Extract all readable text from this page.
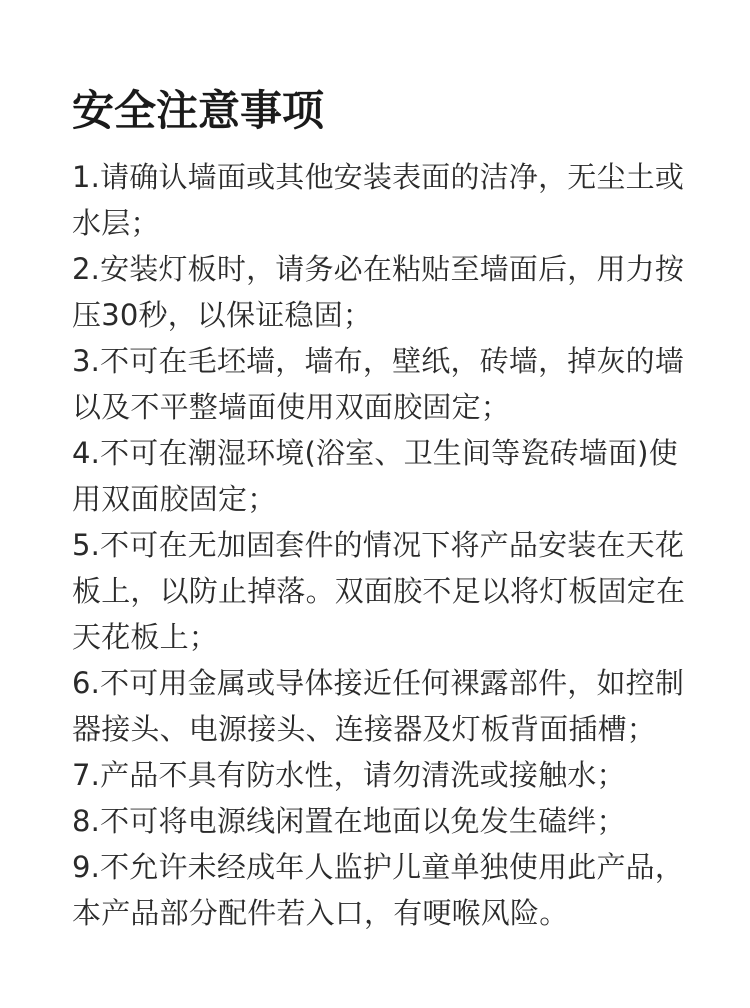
安全注意事项
1.请确认墙面或其他安装表面的洁净，无尘土或水层；
2.安装灯板时，请务必在粘贴至墙面后，用力按压30秒，以保证稳固；
3.不可在毛坯墙，墙布，壁纸，砖墙，掉灰的墙以及不平整墙面使用双面胶固定；
4.不可在潮湿环境(浴室、卫生间等瓷砖墙面)使用双面胶固定；
5.不可在无加固套件的情况下将产品安装在天花板上，以防止掉落。双面胶不足以将灯板固定在天花板上；
6.不可用金属或导体接近任何裸露部件，如控制器接头、电源接头、连接器及灯板背面插槽；
7.产品不具有防水性，请勿清洗或接触水；
8.不可将电源线闲置在地面以免发生磕绊；
9.不允许未经成年人监护儿童单独使用此产品，本产品部分配件若入口，有哽喉风险。
